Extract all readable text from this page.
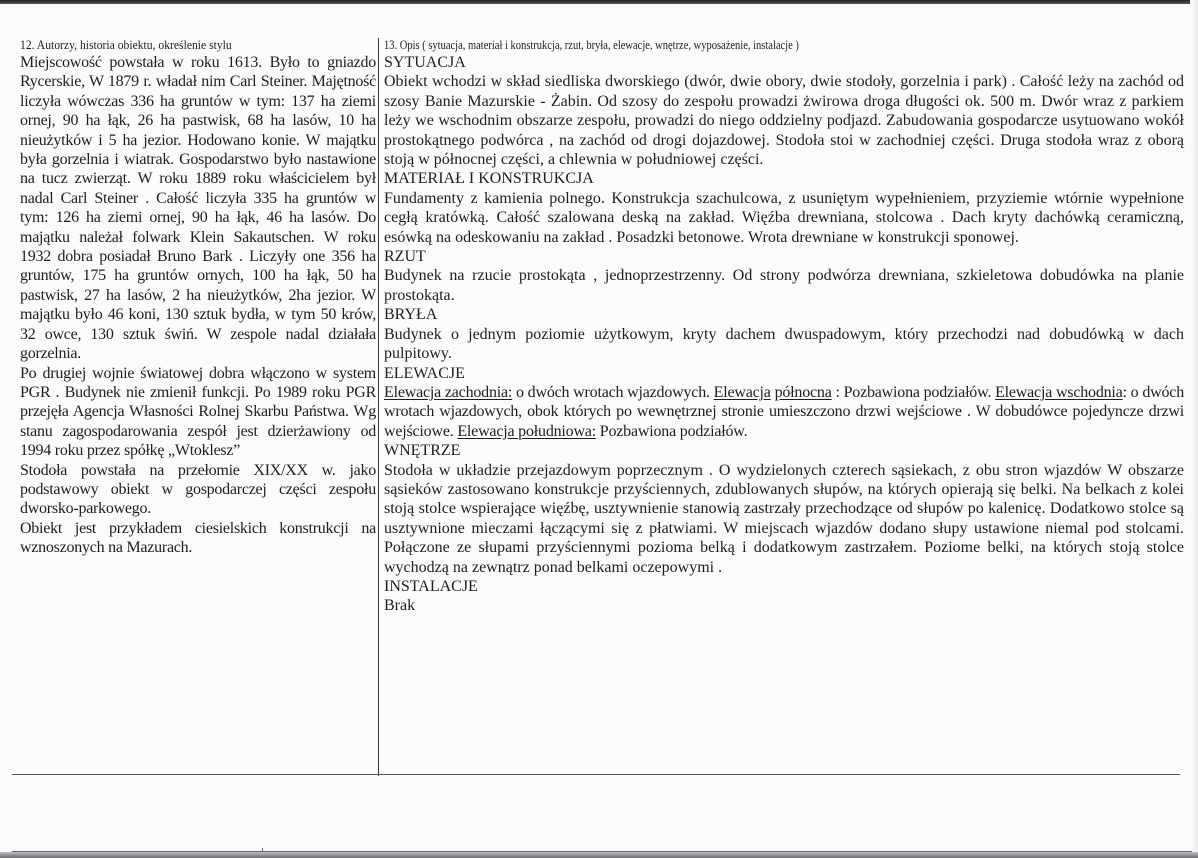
12. Autorzy, historia obiektu, określenie stylu

Miejscowość powstała w roku 1613. Było to gniazdo Rycerskie, W 1879 r. władał nim Carl Steiner. Majętność liczyła wówczas 336 ha gruntów w tym: 137 ha ziemi ornej, 90 ha łąk, 26 ha pastwisk, 68 ha lasów, 10 ha nieużytków i 5 ha jezior. Hodowano konie. W majątku była gorzelnia i wiatrak. Gospodarstwo było nastawione na tucz zwierząt. W roku 1889 roku właścicielem był nadal Carl Steiner . Całość liczyła 335 ha gruntów w tym: 126 ha ziemi ornej, 90 ha łąk, 46 ha lasów. Do majątku należał folwark Klein Sakautschen. W roku 1932 dobra posiadał Bruno Bark . Liczyły one 356 ha gruntów, 175 ha gruntów ornych, 100 ha łąk, 50 ha pastwisk, 27 ha lasów, 2 ha nieużytków, 2ha jezior. W majątku było 46 koni, 130 sztuk bydła, w tym 50 krów, 32 owce, 130 sztuk świń. W zespole nadal działała gorzelnia.

Po drugiej wojnie światowej dobra włączono w system PGR . Budynek nie zmienił funkcji. Po 1989 roku PGR przejęła Agencja Własności Rolnej Skarbu Państwa. Wg stanu zagospodarowania zespół jest dzierżawiony od 1994 roku przez spółkę „Wtoklesz”

Stodoła powstała na przełomie XIX/XX w. jako podstawowy obiekt w gospodarczej części zespołu dworsko-parkowego.

Obiekt jest przykładem ciesielskich konstrukcji na wznoszonych na Mazurach.

13. Opis ( sytuacja, materiał i konstrukcja, rzut, bryła, elewacje, wnętrze, wyposażenie, instalacje )

SYTUACJA

Obiekt wchodzi w skład siedliska dworskiego (dwór, dwie obory, dwie stodoły, gorzelnia i park) . Całość leży na zachód od szosy Banie Mazurskie - Żabin. Od szosy do zespołu prowadzi żwirowa droga długości ok. 500 m. Dwór wraz z parkiem leży we wschodnim obszarze zespołu, prowadzi do niego oddzielny podjazd. Zabudowania gospodarcze usytuowano wokół prostokątnego podwórca , na zachód od drogi dojazdowej. Stodoła stoi w zachodniej części. Druga stodoła wraz z oborą stoją w północnej części, a chlewnia w południowej części.

MATERIAŁ I KONSTRUKCJA

Fundamenty z kamienia polnego. Konstrukcja szachulcowa, z usuniętym wypełnieniem, przyziemie wtórnie wypełnione cegłą kratówką. Całość szalowana deską na zakład. Więźba drewniana, stolcowa . Dach kryty dachówką ceramiczną, esówką na odeskowaniu na zakład . Posadzki betonowe. Wrota drewniane w konstrukcji sponowej.

RZUT

Budynek na rzucie prostokąta , jednoprzestrzenny. Od strony podwórza drewniana, szkieletowa dobudówka na planie prostokąta.

BRYŁA

Budynek o jednym poziomie użytkowym, kryty dachem dwuspadowym, który przechodzi nad dobudówką w dach pulpitowy.

ELEWACJE

Elewacja zachodnia: o dwóch wrotach wjazdowych. Elewacja północna : Pozbawiona podziałów. Elewacja wschodnia: o dwóch wrotach wjazdowych, obok których po wewnętrznej stronie umieszczono drzwi wejściowe . W dobudówce pojedyncze drzwi wejściowe. Elewacja południowa: Pozbawiona podziałów.

WNĘTRZE

Stodoła w układzie przejazdowym poprzecznym . O wydzielonych czterech sąsiekach, z obu stron wjazdów W obszarze sąsieków zastosowano konstrukcje przyściennych, zdublowanych słupów, na których opierają się belki. Na belkach z kolei stoją stolce wspierające więźbę, usztywnienie stanowią zastrzały przechodzące od słupów po kalenicę. Dodatkowo stolce są usztywnione mieczami łączącymi się z płatwiami. W miejscach wjazdów dodano słupy ustawione niemal pod stolcami. Połączone ze słupami przyściennymi pozioma belką i dodatkowym zastrzałem. Poziome belki, na których stoją stolce wychodzą na zewnątrz ponad belkami oczepowymi .

INSTALACJE

Brak
